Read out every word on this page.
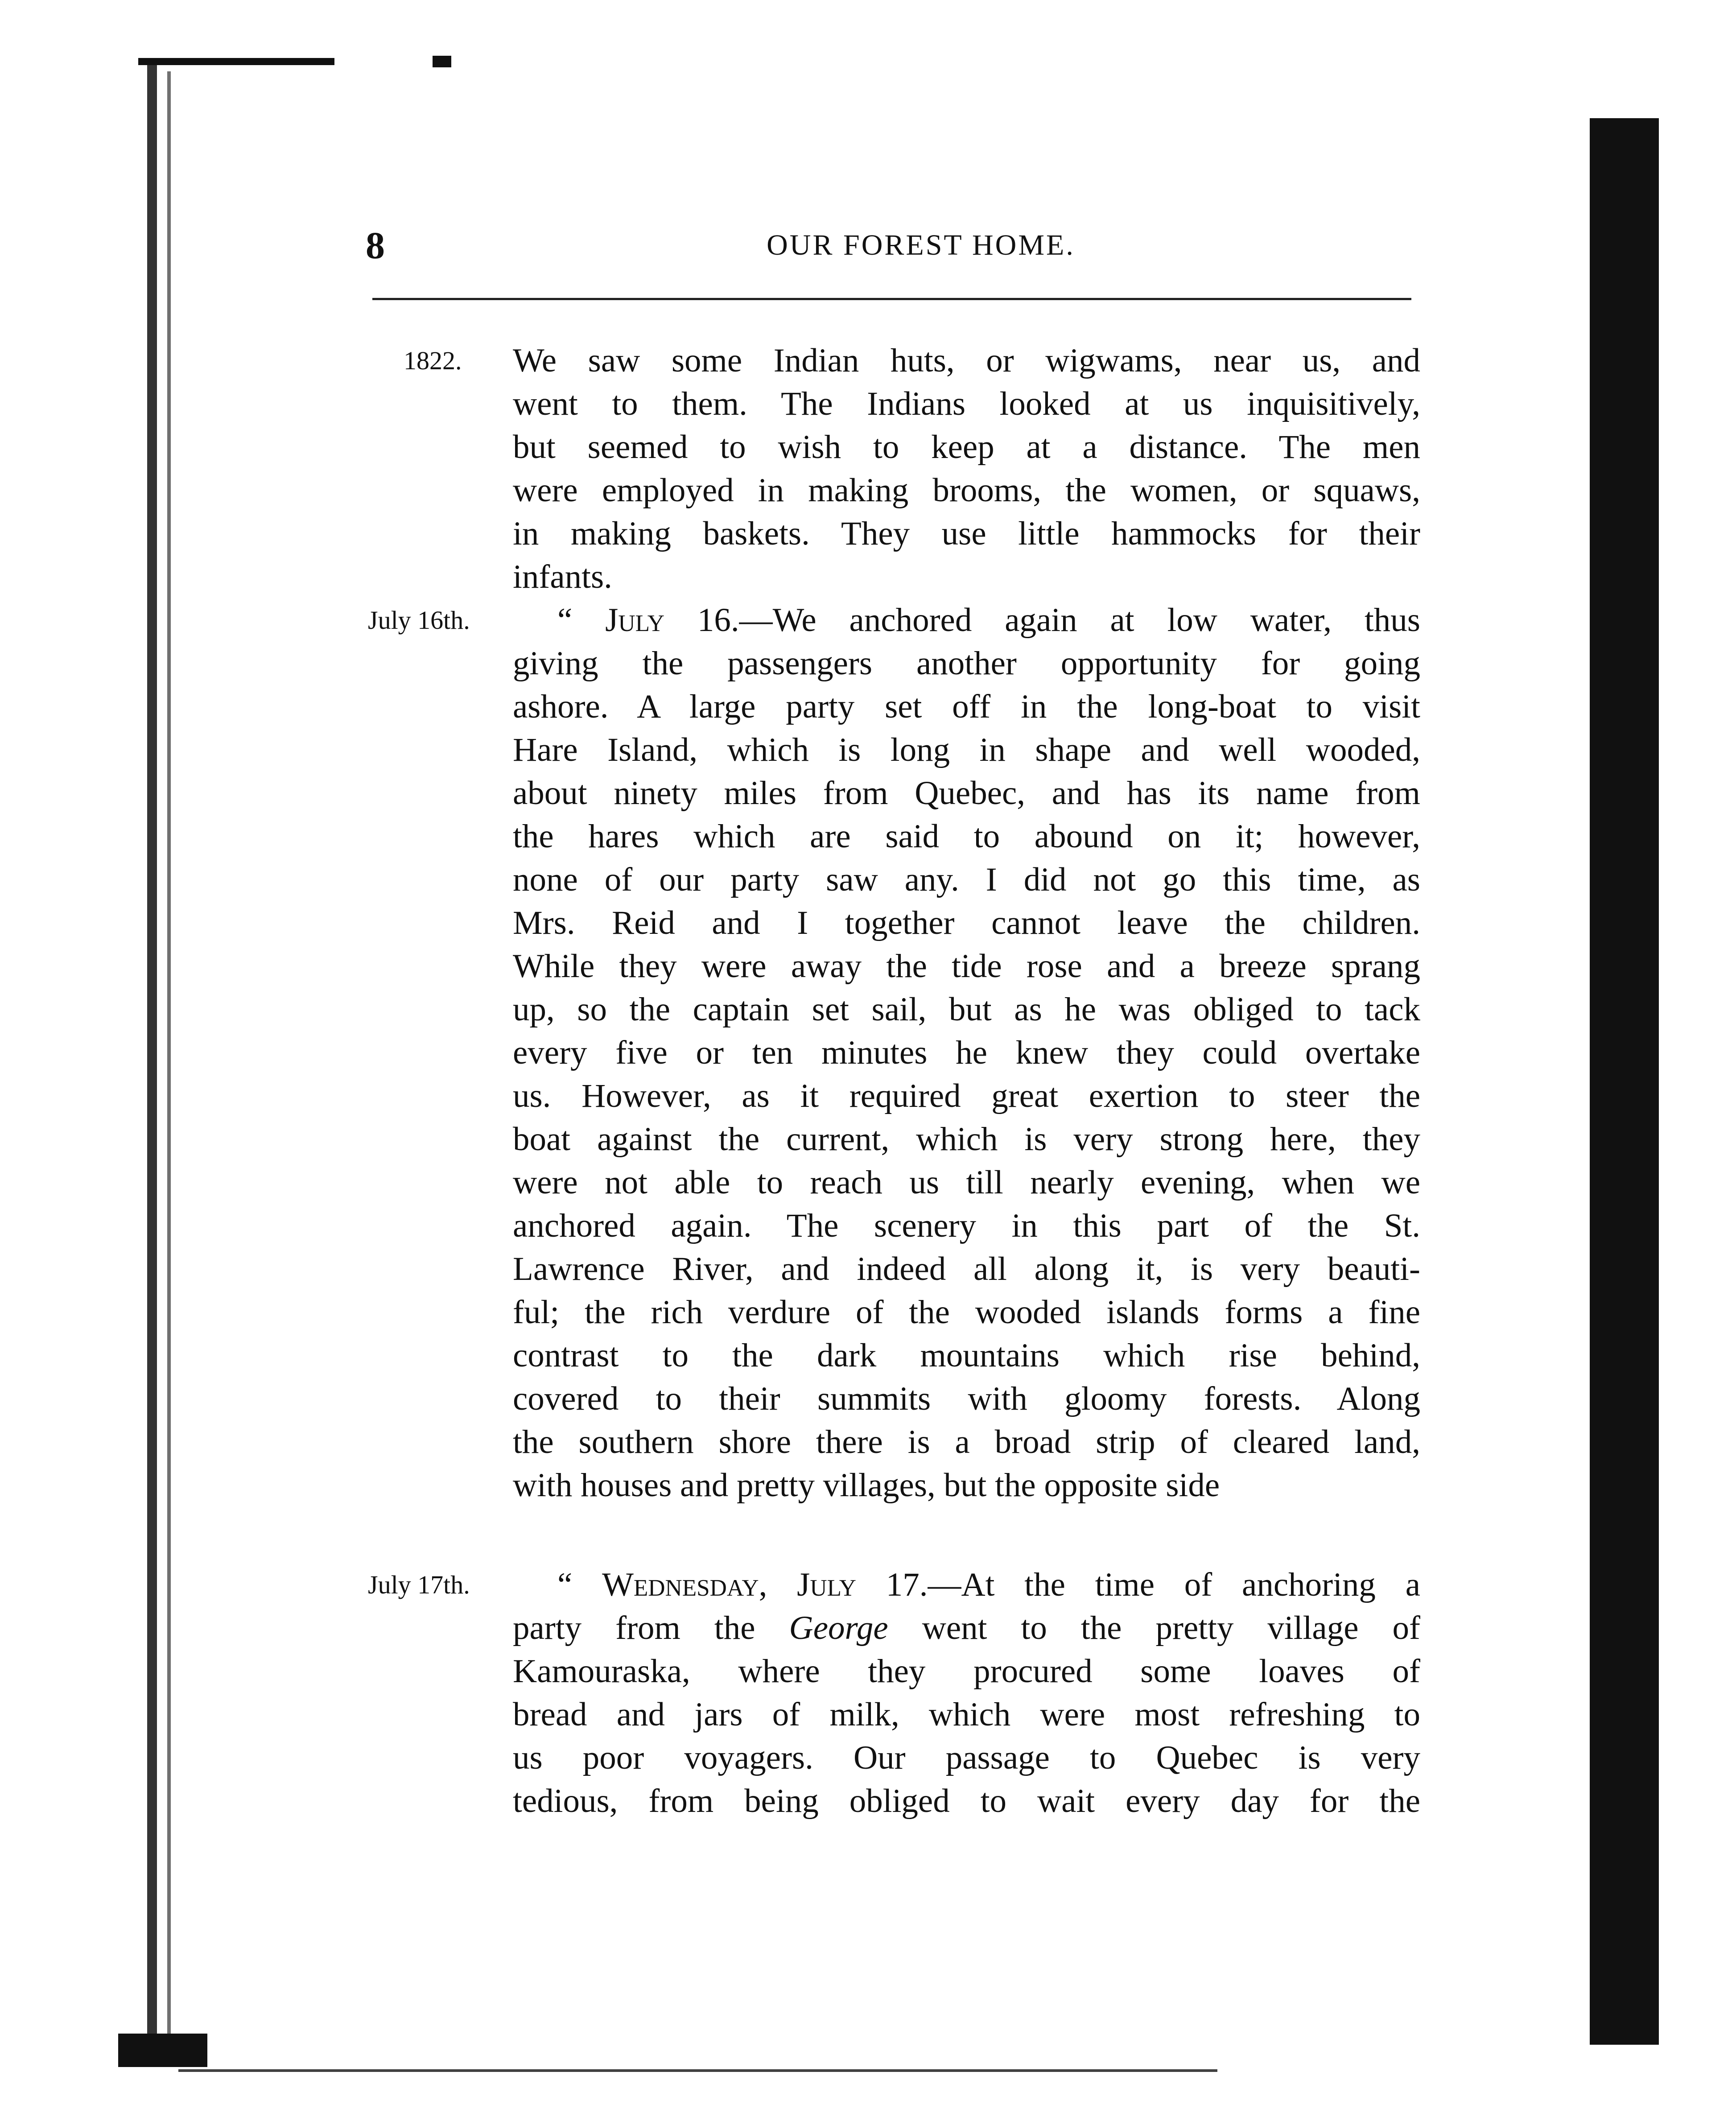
8	OUR FOREST HOME.
1822. We saw some Indian huts, or wigwams, near us, and
went to them. The Indians looked at us inquisitively,
but seemed to wish to keep at a distance. The men
were employed in making brooms, the women, or squaws,
in making baskets. They use little hammocks for their
infants.
July 16th.	“ July 16.—We anchored again at low water, thus
giving the passengers another opportunity for going
ashore. A large party set off in the long-boat to visit
Hare Island, which is long in shape and well wooded,
about ninety miles from Quebec, and has its name from
the hares which are said to abound on it; however,
none of our party saw any. I did not go this time, as
Mrs. Reid and I together cannot leave the children.
While they were away the tide rose and a breeze sprang
up, so the captain set sail, but as he was obliged to tack
every five or ten minutes he knew they could overtake
us. However, as it required great exertion to steer the
boat against the current, which is very strong here, they
were not able to reach us till nearly evening, when we
anchored again. The scenery in this part of the St.
Lawrence River, and indeed all along it, is very beauti-
ful; the rich verdure of the wooded islands forms a fine
contrast to the dark mountains which rise behind,
covered to their summits with gloomy forests. Along
the southern shore there is a broad strip of cleared land,
with houses and pretty villages, but the opposite side
July 17th.	“ Wednesday, July 17.—At the time of anchoring a
party from the George went to the pretty village of
Kamouraska, where they procured some loaves of
bread and jars of milk, which were most refreshing to
us poor voyagers. Our passage to Quebec is very
tedious, from being obliged to wait every day for the
